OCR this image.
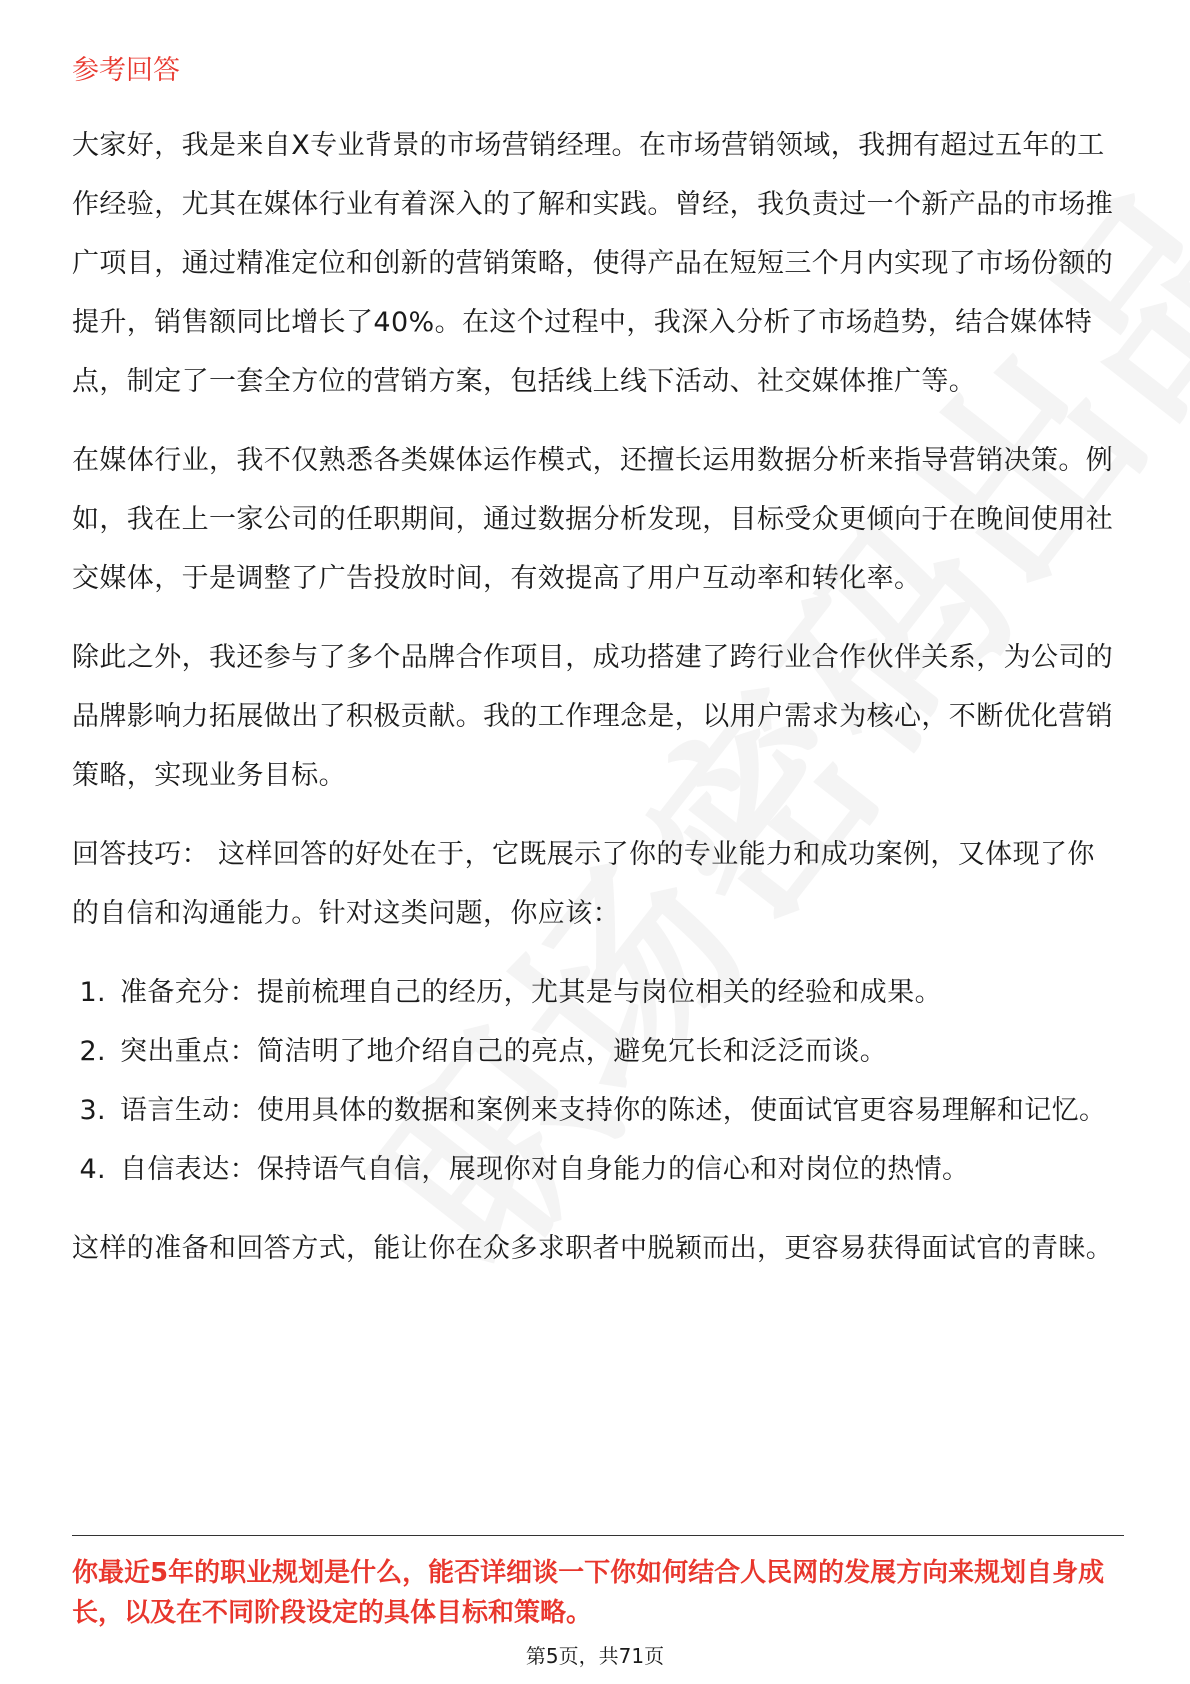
参考回答

大家好，我是来自X专业背景的市场营销经理。在市场营销领域，我拥有超过五年的工作经验，尤其在媒体行业有着深入的了解和实践。曾经，我负责过一个新产品的市场推广项目，通过精准定位和创新的营销策略，使得产品在短短三个月内实现了市场份额的提升，销售额同比增长了40%。在这个过程中，我深入分析了市场趋势，结合媒体特点，制定了一套全方位的营销方案，包括线上线下活动、社交媒体推广等。

在媒体行业，我不仅熟悉各类媒体运作模式，还擅长运用数据分析来指导营销决策。例如，我在上一家公司的任职期间，通过数据分析发现，目标受众更倾向于在晚间使用社交媒体，于是调整了广告投放时间，有效提高了用户互动率和转化率。

除此之外，我还参与了多个品牌合作项目，成功搭建了跨行业合作伙伴关系，为公司的品牌影响力拓展做出了积极贡献。我的工作理念是，以用户需求为核心，不断优化营销策略，实现业务目标。

回答技巧： 这样回答的好处在于，它既展示了你的专业能力和成功案例，又体现了你的自信和沟通能力。针对这类问题，你应该：

1. 准备充分：提前梳理自己的经历，尤其是与岗位相关的经验和成果。
2. 突出重点：简洁明了地介绍自己的亮点，避免冗长和泛泛而谈。
3. 语言生动：使用具体的数据和案例来支持你的陈述，使面试官更容易理解和记忆。
4. 自信表达：保持语气自信，展现你对自身能力的信心和对岗位的热情。

这样的准备和回答方式，能让你在众多求职者中脱颖而出，更容易获得面试官的青睐。

你最近5年的职业规划是什么，能否详细谈一下你如何结合人民网的发展方向来规划自身成长，以及在不同阶段设定的具体目标和策略。
第5页，共71页
